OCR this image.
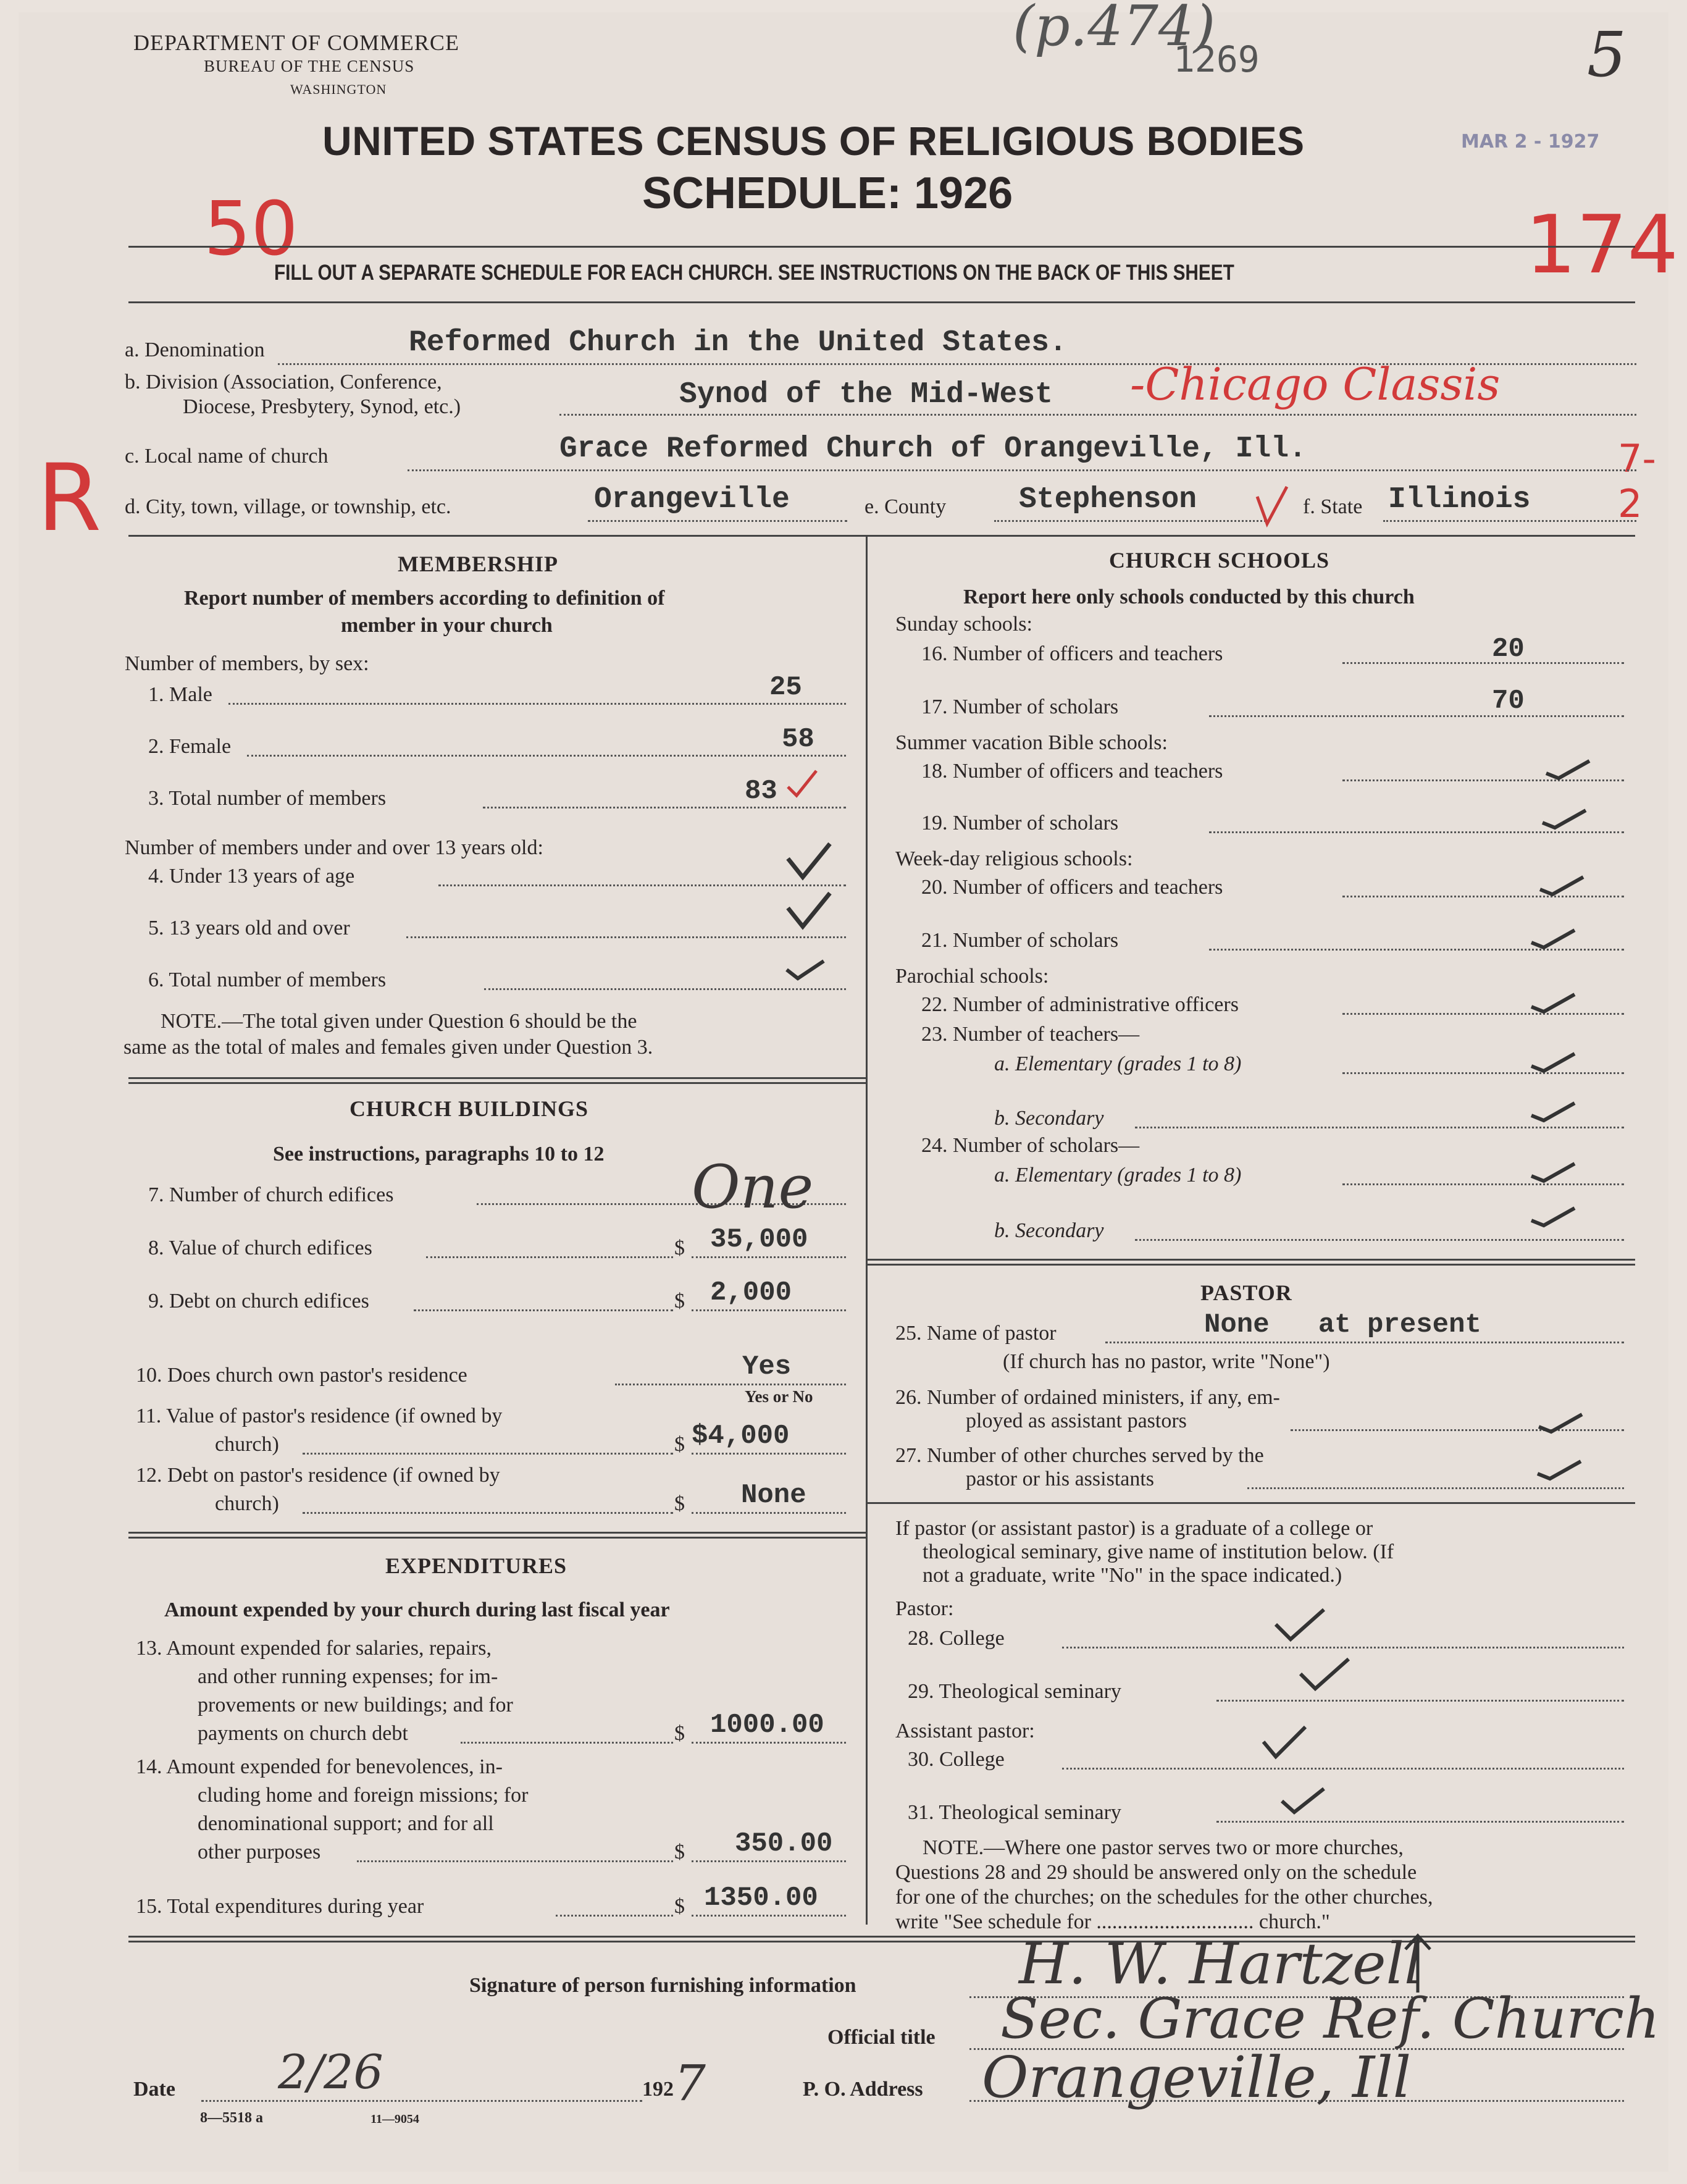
DEPARTMENT OF COMMERCE
BUREAU OF THE CENSUS
WASHINGTON
(p.474)
1269	5
MAR 2 - 1927
UNITED STATES CENSUS OF RELIGIOUS BODIES
SCHEDULE: 1926
50	174
R	7-2
FILL OUT A SEPARATE SCHEDULE FOR EACH CHURCH. SEE INSTRUCTIONS ON THE BACK OF THIS SHEET
a. Denomination	Reformed Church in the United States.
b. Division (Association, Conference,
Diocese, Presbytery, Synod, etc.)	Synod of the Mid-West -Chicago Classis
c. Local name of church	Grace Reformed Church of Orangeville, Ill.
d. City, town, village, or township, etc.	Orangeville	e. County Stephenson	f. State Illinois
MEMBERSHIP
Report number of members according to definition of
member in your church
Number of members, by sex:
1. Male	25
2. Female	58
3. Total number of members	83
Number of members under and over 13 years old:
4. Under 13 years of age
5. 13 years old and over
6. Total number of members
NOTE.—The total given under Question 6 should be the
same as the total of males and females given under Question 3.
CHURCH BUILDINGS
See instructions, paragraphs 10 to 12
7. Number of church edifices	One
8. Value of church edifices	$ 35,000
9. Debt on church edifices	$ 2,000
10. Does church own pastor's residence	Yes
Yes or No
11. Value of pastor's residence (if owned by
church)	$ $4,000
12. Debt on pastor's residence (if owned by
church)	$ None
EXPENDITURES
Amount expended by your church during last fiscal year
13. Amount expended for salaries, repairs,
and other running expenses; for im-
provements or new buildings; and for
payments on church debt	$ 1000.00
14. Amount expended for benevolences, in-
cluding home and foreign missions; for
denominational support; and for all
other purposes	$ 350.00
15. Total expenditures during year	$ 1350.00
CHURCH SCHOOLS
Report here only schools conducted by this church
Sunday schools:
16. Number of officers and teachers	20
17. Number of scholars	70
Summer vacation Bible schools:
18. Number of officers and teachers
19. Number of scholars
Week-day religious schools:
20. Number of officers and teachers
21. Number of scholars
Parochial schools:
22. Number of administrative officers
23. Number of teachers—
a. Elementary (grades 1 to 8)
b. Secondary
24. Number of scholars—
a. Elementary (grades 1 to 8)
b. Secondary
PASTOR
25. Name of pastor	None   at present
(If church has no pastor, write "None")
26. Number of ordained ministers, if any, em-
ployed as assistant pastors
27. Number of other churches served by the
pastor or his assistants
If pastor (or assistant pastor) is a graduate of a college or
theological seminary, give name of institution below. (If
not a graduate, write "No" in the space indicated.)
Pastor:
28. College
29. Theological seminary
Assistant pastor:
30. College
31. Theological seminary
NOTE.—Where one pastor serves two or more churches,
Questions 28 and 29 should be answered only on the schedule
for one of the churches; on the schedules for the other churches,
write "See schedule for .............................. church."
Signature of person furnishing information	H. W. Hartzell
Official title Sec. Grace Ref. Church
Date 2/26	192 7	P. O. Address Orangeville, Ill
8—5518 a	11—9054
